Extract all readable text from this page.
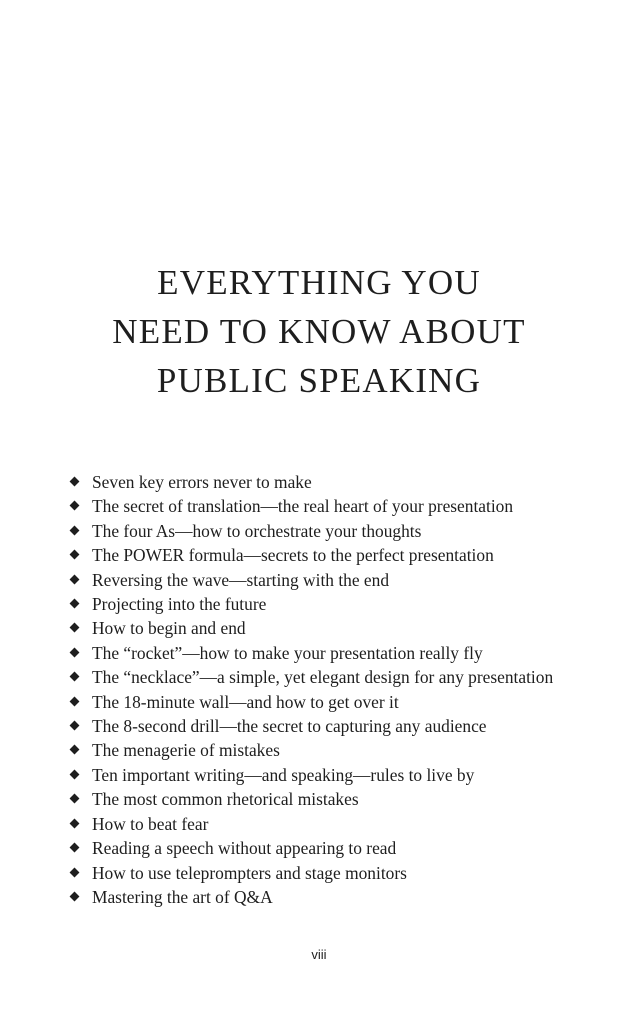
EVERYTHING YOU
NEED TO KNOW ABOUT
PUBLIC SPEAKING
Seven key errors never to make
The secret of translation—the real heart of your presentation
The four As—how to orchestrate your thoughts
The POWER formula—secrets to the perfect presentation
Reversing the wave—starting with the end
Projecting into the future
How to begin and end
The “rocket”—how to make your presentation really fly
The “necklace”—a simple, yet elegant design for any presentation
The 18-minute wall—and how to get over it
The 8-second drill—the secret to capturing any audience
The menagerie of mistakes
Ten important writing—and speaking—rules to live by
The most common rhetorical mistakes
How to beat fear
Reading a speech without appearing to read
How to use teleprompters and stage monitors
Mastering the art of Q&A
viii
